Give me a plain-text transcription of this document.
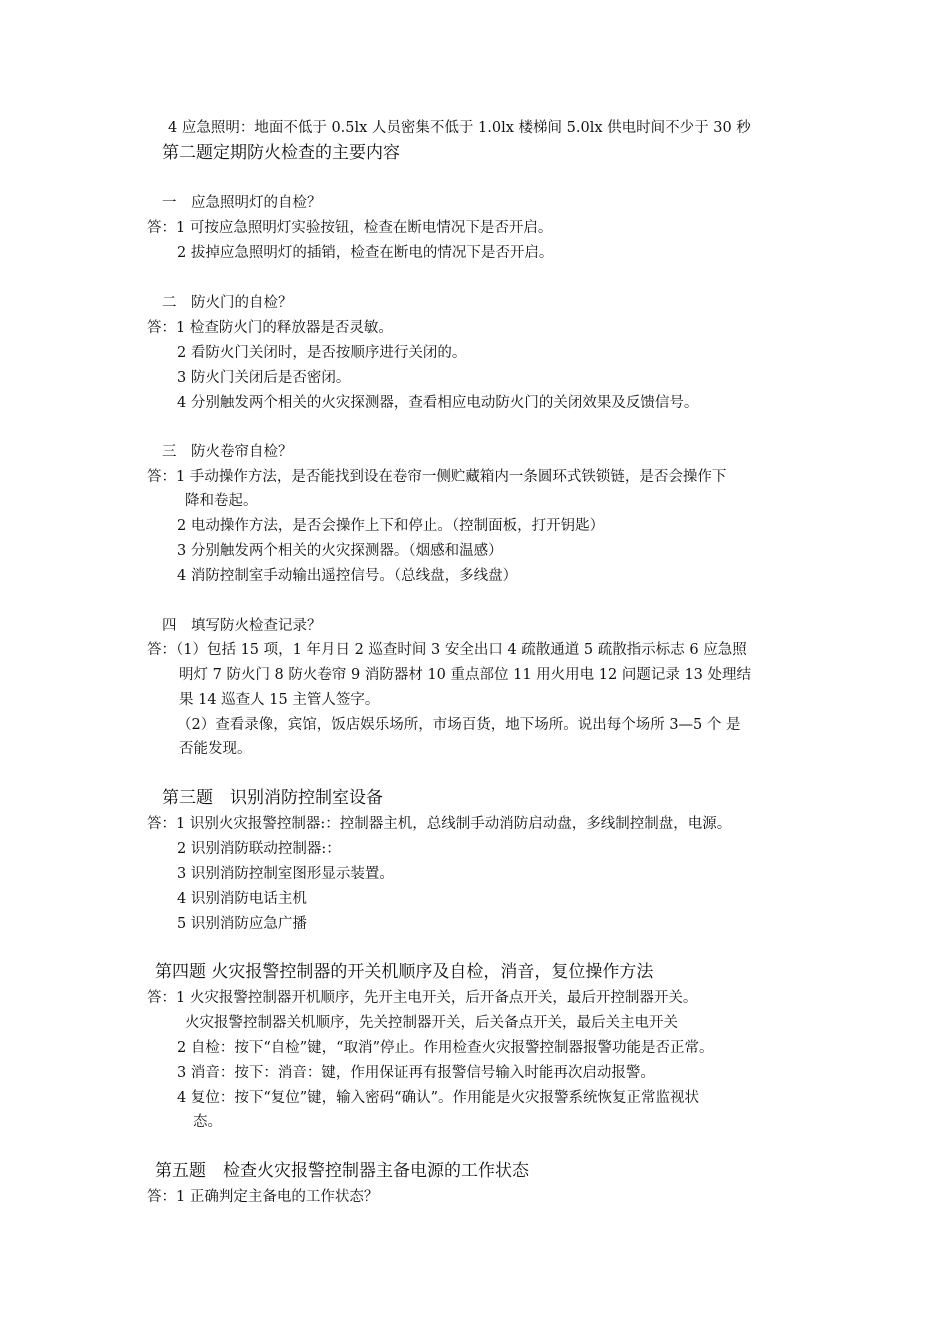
4 应急照明：地面不低于 0.5lx 人员密集不低于 1.0lx 楼梯间 5.0lx 供电时间不少于 30 秒
第二题定期防火检查的主要内容
一　应急照明灯的自检？
答：1 可按应急照明灯实验按钮，检查在断电情况下是否开启。
2 拔掉应急照明灯的插销，检查在断电的情况下是否开启。
二　防火门的自检？
答：1 检查防火门的释放器是否灵敏。
2 看防火门关闭时，是否按顺序进行关闭的。
3 防火门关闭后是否密闭。
4 分别触发两个相关的火灾探测器，查看相应电动防火门的关闭效果及反馈信号。
三　防火卷帘自检？
答：1 手动操作方法，是否能找到设在卷帘一侧贮藏箱内一条圆环式铁锁链，是否会操作下
降和卷起。
2 电动操作方法，是否会操作上下和停止。（控制面板，打开钥匙）
3 分别触发两个相关的火灾探测器。（烟感和温感）
4 消防控制室手动输出遥控信号。（总线盘，多线盘）
四　填写防火检查记录？
答：（1）包括 15 项，1 年月日 2 巡查时间 3 安全出口 4 疏散通道 5 疏散指示标志 6 应急照
明灯 7 防火门 8 防火卷帘 9 消防器材 10 重点部位 11 用火用电 12 问题记录 13 处理结
果 14 巡查人 15 主管人签字。
（2）查看录像，宾馆，饭店娱乐场所，市场百货，地下场所。说出每个场所 3—5 个 是
否能发现。
第三题　识别消防控制室设备
答：1 识别火灾报警控制器:：控制器主机，总线制手动消防启动盘，多线制控制盘，电源。
2 识别消防联动控制器:：
3 识别消防控制室图形显示装置。
4 识别消防电话主机
5 识别消防应急广播
第四题 火灾报警控制器的开关机顺序及自检，消音，复位操作方法
答：1 火灾报警控制器开机顺序，先开主电开关，后开备点开关，最后开控制器开关。
火灾报警控制器关机顺序，先关控制器开关，后关备点开关，最后关主电开关
2 自检：按下“自检”键，“取消”停止。作用检查火灾报警控制器报警功能是否正常。
3 消音：按下：消音：键，作用保证再有报警信号输入时能再次启动报警。
4 复位：按下“复位”键，输入密码“确认”。作用能是火灾报警系统恢复正常监视状
态。
第五题　检查火灾报警控制器主备电源的工作状态
答：1 正确判定主备电的工作状态？
